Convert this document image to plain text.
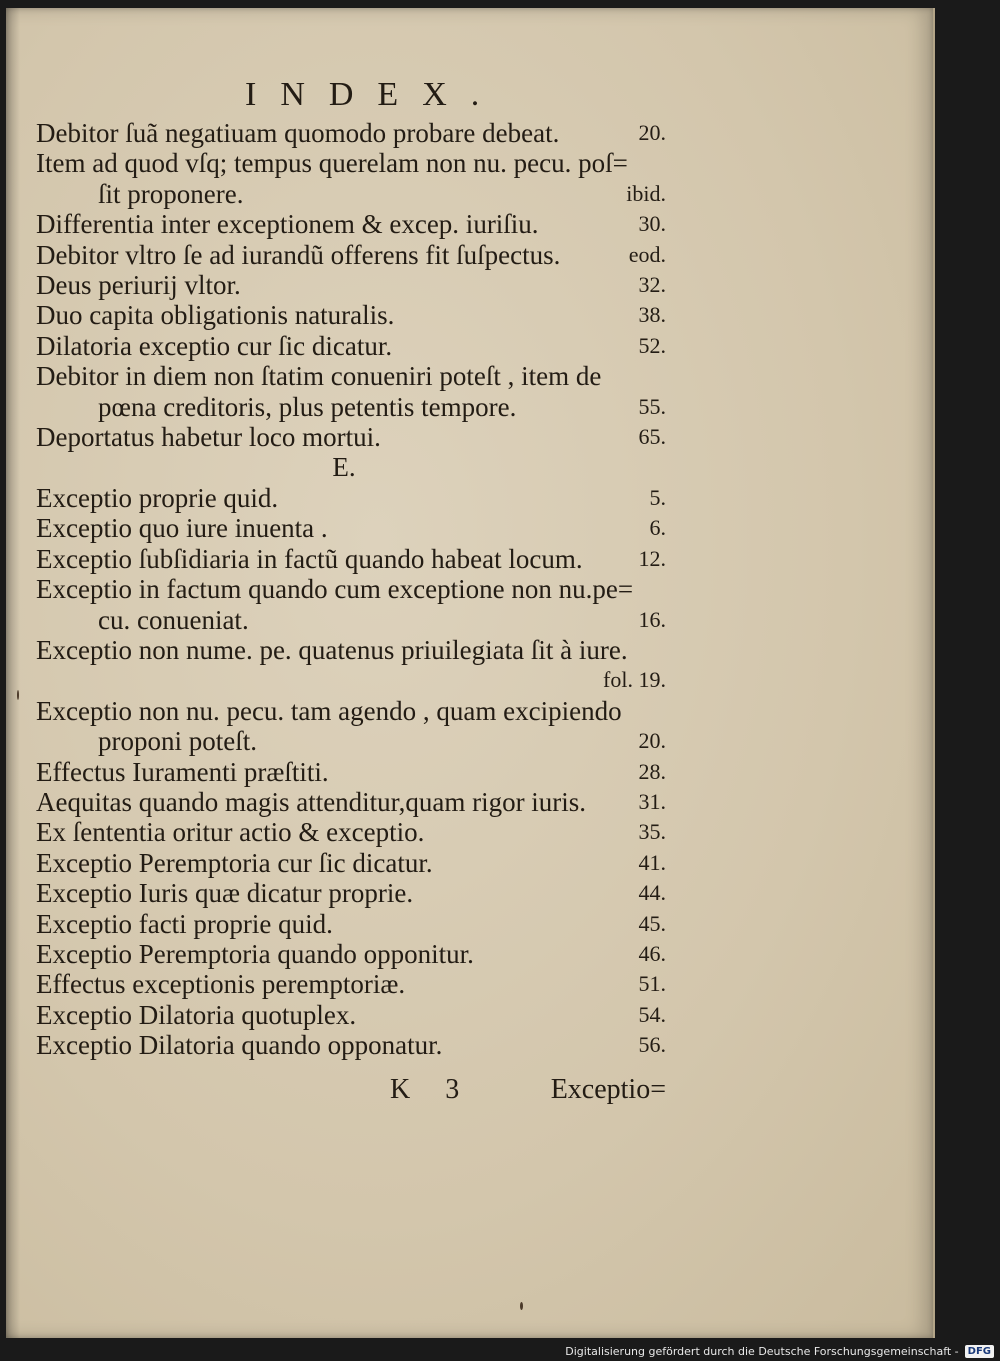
INDEX.
Debitor ſuã negatiuam quomodo probare debeat.	20.
Item ad quod vſq; tempus querelam non nu. pecu. poſ=
ſit proponere.	ibid.
Differentia inter exceptionem & excep. iuriſiu.	30.
Debitor vltro ſe ad iurandũ offerens fit ſuſpectus.	eod.
Deus periurij vltor.	32.
Duo capita obligationis naturalis.	38.
Dilatoria exceptio cur ſic dicatur.	52.
Debitor in diem non ſtatim conueniri poteſt , item de
pœna creditoris, plus petentis tempore.	55.
Deportatus habetur loco mortui.	65.
E.
Exceptio proprie quid.	5.
Exceptio quo iure inuenta .	6.
Exceptio ſubſidiaria in factũ quando habeat locum.	12.
Exceptio in factum quando cum exceptione non nu.pe=
cu. conueniat.	16.
Exceptio non nume. pe. quatenus priuilegiata ſit à iure.
fol. 19.
Exceptio non nu. pecu. tam agendo , quam excipiendo
proponi poteſt.	20.
Effectus Iuramenti præſtiti.	28.
Aequitas quando magis attenditur,quam rigor iuris.	31.
Ex ſententia oritur actio & exceptio.	35.
Exceptio Peremptoria cur ſic dicatur.	41.
Exceptio Iuris quæ dicatur proprie.	44.
Exceptio facti proprie quid.	45.
Exceptio Peremptoria quando opponitur.	46.
Effectus exceptionis peremptoriæ.	51.
Exceptio Dilatoria quotuplex.	54.
Exceptio Dilatoria quando opponatur.	56.
K 3	Exceptio=
Digitalisierung gefördert durch die Deutsche Forschungsgemeinschaft - DFG
